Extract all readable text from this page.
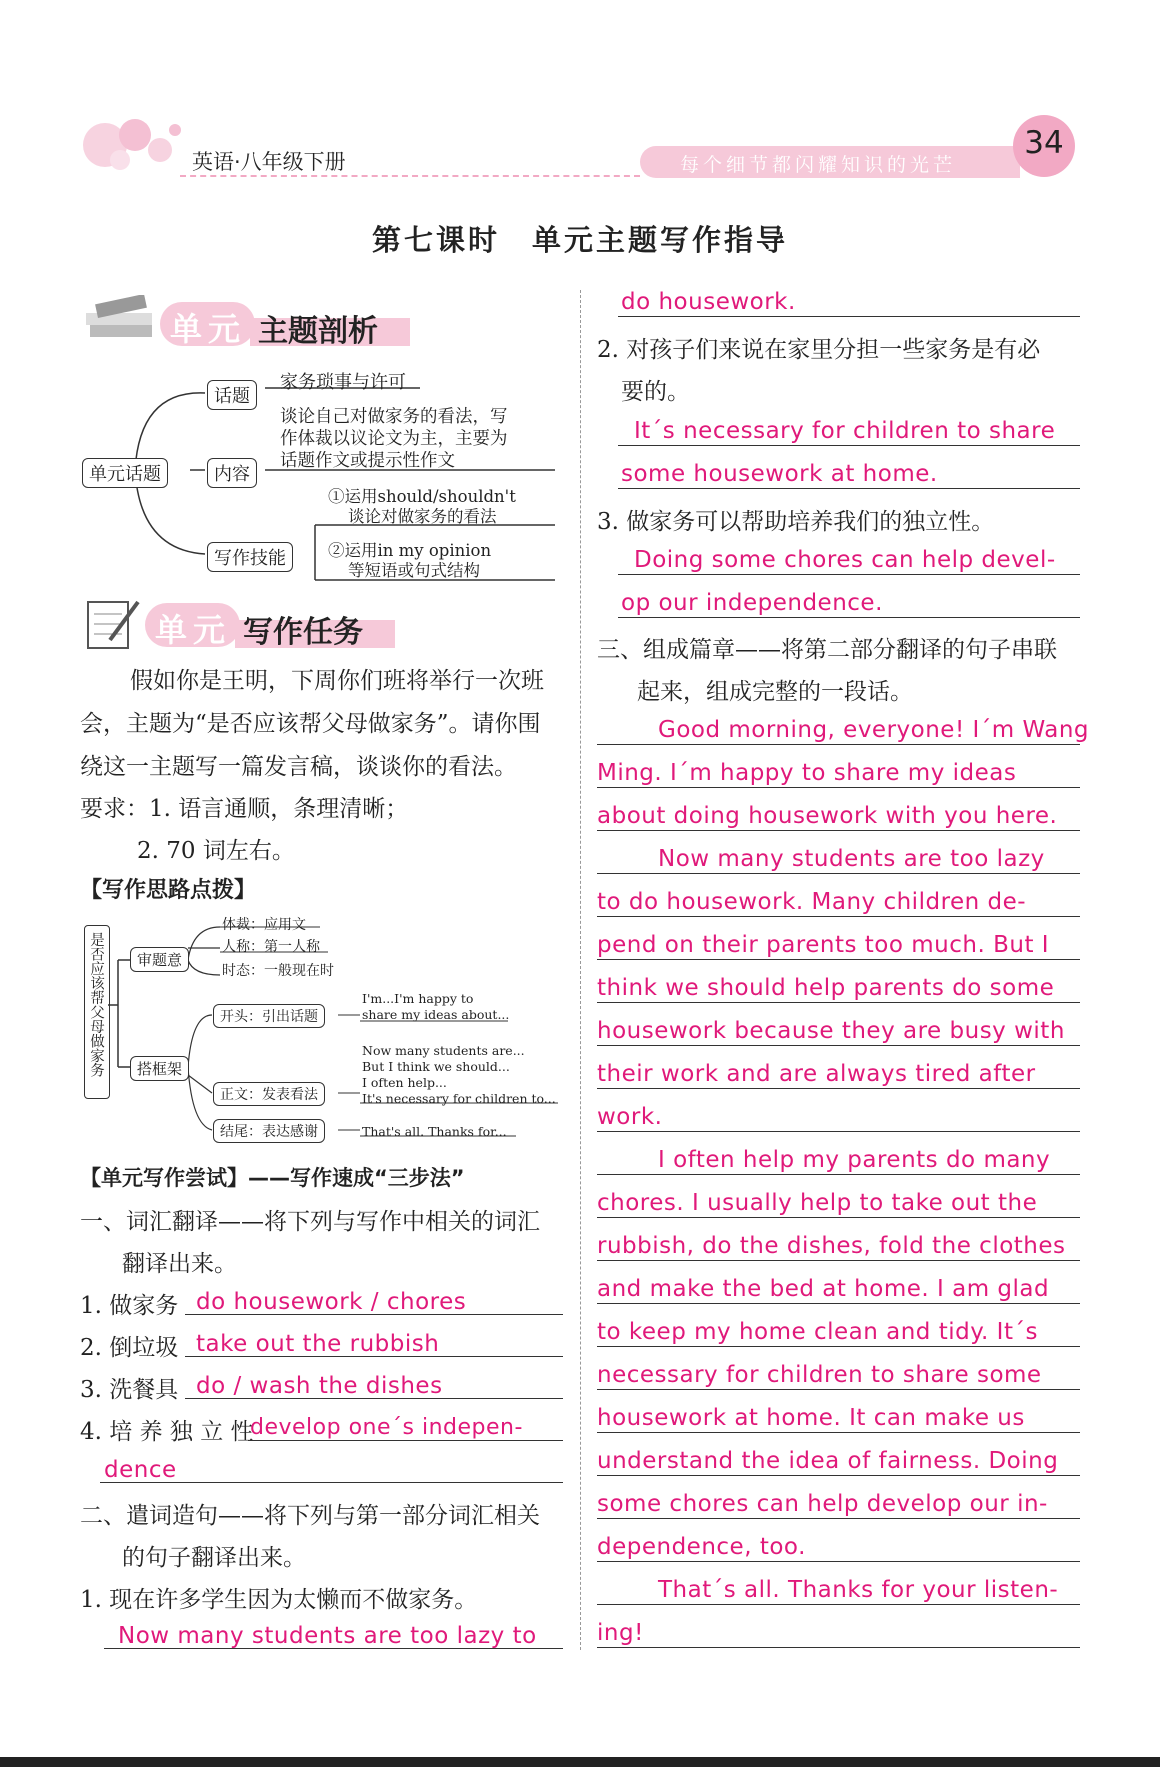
英语·八年级下册	每个细节都闪耀知识的光芒
34
第七课时　单元主题写作指导
单元 主题剖析
单元话题
话题
家务琐事与许可
内容
谈论自己对做家务的看法，写
作体裁以议论文为主，主要为
话题作文或提示性作文
写作技能
①运用should/shouldn't
谈论对做家务的看法
②运用in my opinion
等短语或句式结构
单元 写作任务
假如你是王明，下周你们班将举行一次班
会，主题为“是否应该帮父母做家务”。请你围
绕这一主题写一篇发言稿，谈谈你的看法。
要求：1. 语言通顺，条理清晰；
2. 70 词左右。
【写作思路点拨】
是否应该帮父母做家务	审题意
体裁：应用文
人称：第一人称
时态：一般现在时
搭框架
开头：引出话题
I'm...I'm happy to
share my ideas about...
正文：发表看法
Now many students are...
But I think we should...
I often help...
It's necessary for children to...
结尾：表达感谢	That's all. Thanks for...
【单元写作尝试】——写作速成“三步法”
一、词汇翻译——将下列与写作中相关的词汇
翻译出来。
1. 做家务 do housework / chores
2. 倒垃圾 take out the rubbish
3. 洗餐具 do / wash the dishes
4. 培 养 独 立 性
develop one´s indepen-
dence
二、遣词造句——将下列与第一部分词汇相关
的句子翻译出来。
1. 现在许多学生因为太懒而不做家务。
Now many students are too lazy to
do housework.
2. 对孩子们来说在家里分担一些家务是有必
要的。
It´s necessary for children to share
some housework at home.
3. 做家务可以帮助培养我们的独立性。
Doing some chores can help devel-
op our independence.
三、组成篇章——将第二部分翻译的句子串联
起来，组成完整的一段话。
Good morning, everyone! I´m Wang
Ming. I´m happy to share my ideas
about doing housework with you here.
Now many students are too lazy
to do housework. Many children de-
pend on their parents too much. But I
think we should help parents do some
housework because they are busy with
their work and are always tired after
work.
I often help my parents do many
chores. I usually help to take out the
rubbish, do the dishes, fold the clothes
and make the bed at home. I am glad
to keep my home clean and tidy. It´s
necessary for children to share some
housework at home. It can make us
understand the idea of fairness. Doing
some chores can help develop our in-
dependence, too.
That´s all. Thanks for your listen-
ing!
